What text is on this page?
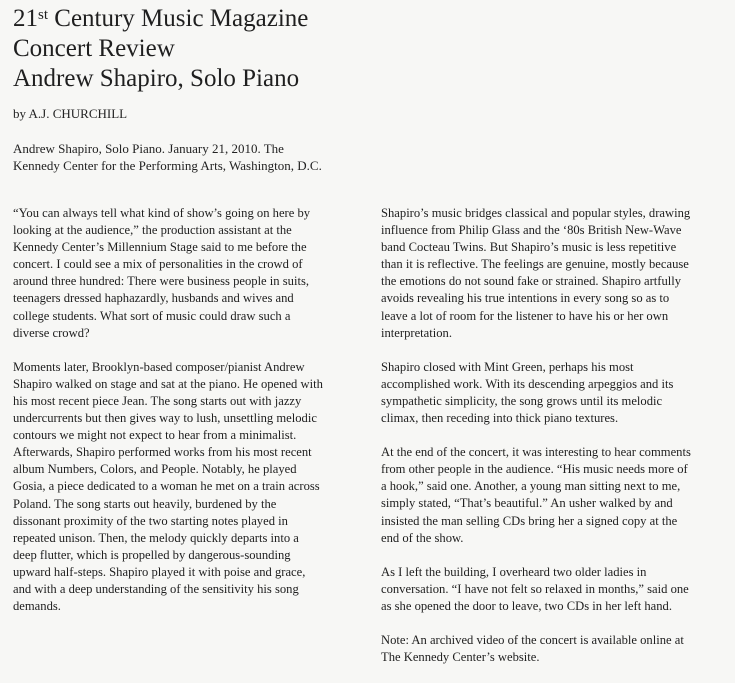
21st Century Music Magazine
Concert Review
Andrew Shapiro, Solo Piano
by A.J. CHURCHILL
Andrew Shapiro, Solo Piano. January 21, 2010. The
Kennedy Center for the Performing Arts, Washington, D.C.

“You can always tell what kind of show’s going on here by
looking at the audience,” the production assistant at the
Kennedy Center’s Millennium Stage said to me before the
concert. I could see a mix of personalities in the crowd of
around three hundred: There were business people in suits,
teenagers dressed haphazardly, husbands and wives and
college students. What sort of music could draw such a
diverse crowd?

Moments later, Brooklyn-based composer/pianist Andrew
Shapiro walked on stage and sat at the piano. He opened with
his most recent piece Jean. The song starts out with jazzy
undercurrents but then gives way to lush, unsettling melodic
contours we might not expect to hear from a minimalist.
Afterwards, Shapiro performed works from his most recent
album Numbers, Colors, and People. Notably, he played
Gosia, a piece dedicated to a woman he met on a train across
Poland. The song starts out heavily, burdened by the
dissonant proximity of the two starting notes played in
repeated unison. Then, the melody quickly departs into a
deep flutter, which is propelled by dangerous-sounding
upward half-steps. Shapiro played it with poise and grace,
and with a deep understanding of the sensitivity his song
demands.

Shapiro’s music bridges classical and popular styles, drawing
influence from Philip Glass and the ‘80s British New-Wave
band Cocteau Twins. But Shapiro’s music is less repetitive
than it is reflective. The feelings are genuine, mostly because
the emotions do not sound fake or strained. Shapiro artfully
avoids revealing his true intentions in every song so as to
leave a lot of room for the listener to have his or her own
interpretation.

Shapiro closed with Mint Green, perhaps his most
accomplished work. With its descending arpeggios and its
sympathetic simplicity, the song grows until its melodic
climax, then receding into thick piano textures.

At the end of the concert, it was interesting to hear comments
from other people in the audience. “His music needs more of
a hook,” said one. Another, a young man sitting next to me,
simply stated, “That’s beautiful.” An usher walked by and
insisted the man selling CDs bring her a signed copy at the
end of the show.

As I left the building, I overheard two older ladies in
conversation. “I have not felt so relaxed in months,” said one
as she opened the door to leave, two CDs in her left hand.

Note: An archived video of the concert is available online at
The Kennedy Center’s website.
